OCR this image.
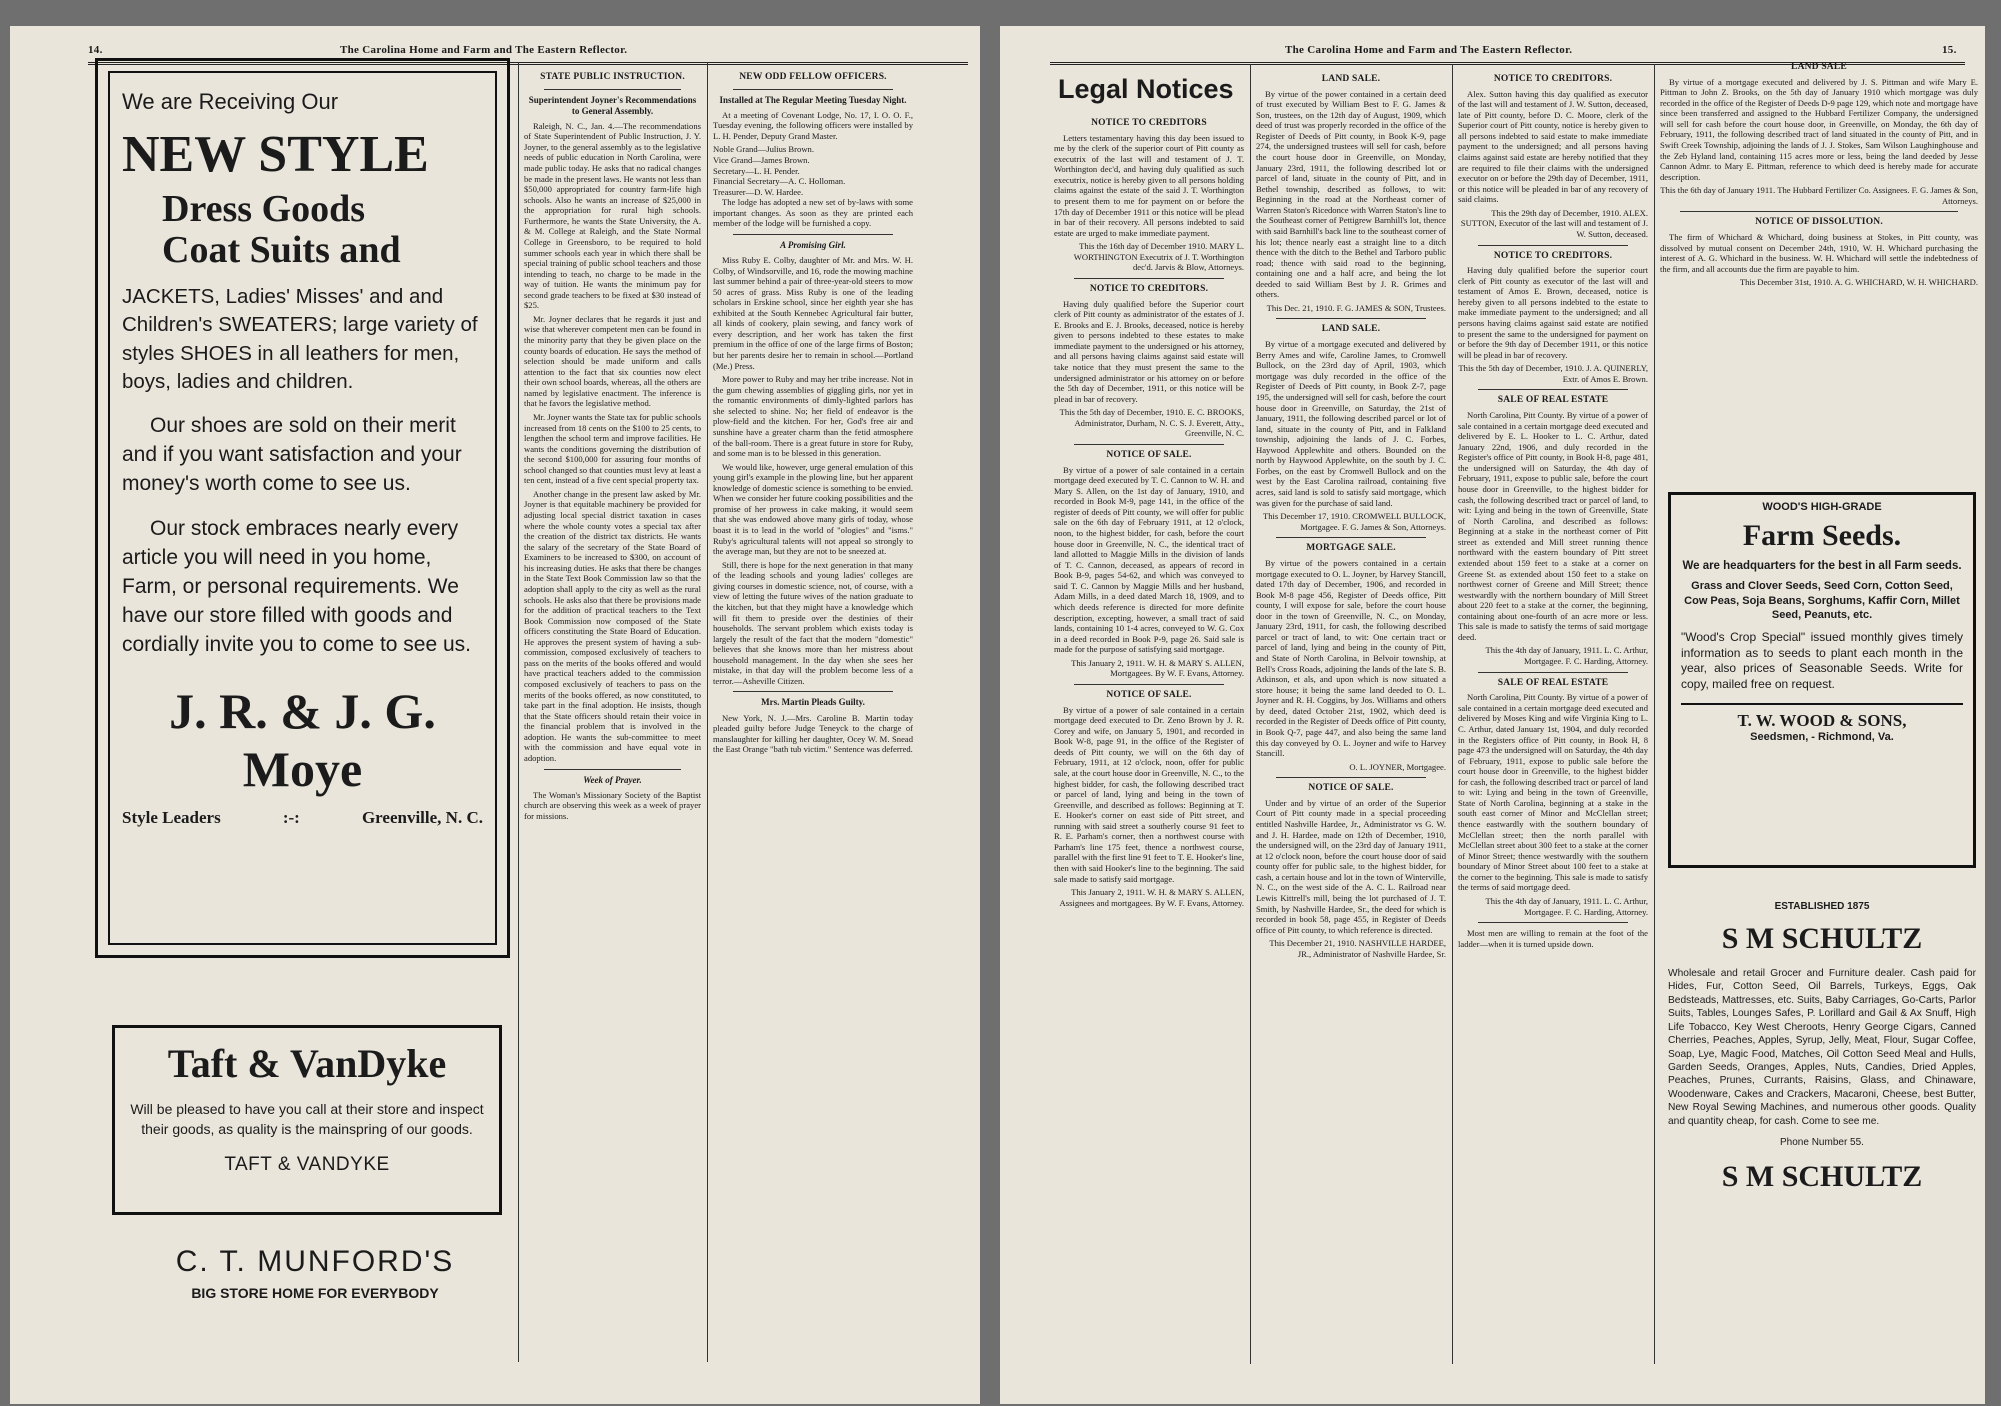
14.	The Carolina Home and Farm and The Eastern Reflector.
We are Receiving Our
NEW STYLE
Dress Goods
Coat Suits and
JACKETS, Ladies' Misses' and and Children's SWEATERS; large variety of styles SHOES in all leathers for men, boys, ladies and children.
Our shoes are sold on their merit and if you want satisfaction and your money's worth come to see us.
Our stock embraces nearly every article you will need in you home, Farm, or personal requirements. We have our store filled with goods and cordially invite you to come to see us.
J. R. & J. G. Moye
Style Leaders	:-:	Greenville, N. C.
Taft & VanDyke
Will be pleased to have you call at their store and inspect their goods, as quality is the mainspring of our goods.
TAFT & VANDYKE
C. T. MUNFORD'S
BIG STORE HOME FOR EVERYBODY
STATE PUBLIC INSTRUCTION.
Superintendent Joyner's Recommendations to General Assembly.

Raleigh, N. C., Jan. 4.—The recommendations of State Superintendent of Public Instruction, J. Y. Joyner, to the general assembly as to the legislative needs of public education in North Carolina, were made public today. He asks that no radical changes be made in the present laws. He wants not less than $50,000 appropriated for country farm-life high schools. Also he wants an increase of $25,000 in the appropriation for rural high schools. Furthermore, he wants the State University, the A. & M. College at Raleigh, and the State Normal College in Greensboro, to be required to hold summer schools each year in which there shall be special training of public school teachers and those intending to teach, no charge to be made in the way of tuition. He wants the minimum pay for second grade teachers to be fixed at $30 instead of $25.

Mr. Joyner declares that he regards it just and wise that wherever competent men can be found in the minority party that they be given place on the county boards of education. He says the method of selection should be made uniform and calls attention to the fact that six counties now elect their own school boards, whereas, all the others are named by legislative enactment. The inference is that he favors the legislative method.

Mr. Joyner wants the State tax for public schools increased from 18 cents on the $100 to 25 cents, to lengthen the school term and improve facilities. He wants the conditions governing the distribution of the second $100,000 for assuring four months of school changed so that counties must levy at least a ten cent, instead of a five cent special property tax.

Another change in the present law asked by Mr. Joyner is that equitable machinery be provided for adjusting local special district taxation in cases where the whole county votes a special tax after the creation of the district tax districts. He wants the salary of the secretary of the State Board of Examiners to be increased to $300, on account of his increasing duties. He asks that there be changes in the State Text Book Commission law so that the adoption shall apply to the city as well as the rural schools. He asks also that there be provisions made for the addition of practical teachers to the Text Book Commission now composed of the State officers constituting the State Board of Education. He approves the present system of having a sub-commission, composed exclusively of teachers to pass on the merits of the books offered and would have practical teachers added to the commission composed exclusively of teachers to pass on the merits of the books offered, as now constituted, to take part in the final adoption. He insists, though that the State officers should retain their voice in the financial problem that is involved in the adoption. He wants the sub-committee to meet with the commission and have equal vote in adoption.

Week of Prayer.

The Woman's Missionary Society of the Baptist church are observing this week as a week of prayer for missions.

NEW ODD FELLOW OFFICERS.
Installed at The Regular Meeting Tuesday Night.

At a meeting of Covenant Lodge, No. 17, I. O. O. F., Tuesday evening, the following officers were installed by L. H. Pender, Deputy Grand Master.

Noble Grand—Julius Brown.
Vice Grand—James Brown.
Secretary—L. H. Pender.
Financial Secretary—A. C. Holloman.
Treasurer—D. W. Hardee.

The lodge has adopted a new set of by-laws with some important changes. As soon as they are printed each member of the lodge will be furnished a copy.

A Promising Girl.

Miss Ruby E. Colby, daughter of Mr. and Mrs. W. H. Colby, of Windsorville, and 16, rode the mowing machine last summer behind a pair of three-year-old steers to mow 50 acres of grass. Miss Ruby is one of the leading scholars in Erskine school, since her eighth year she has exhibited at the South Kennebec Agricultural fair butter, all kinds of cookery, plain sewing, and fancy work of every description, and her work has taken the first premium in the office of one of the large firms of Boston; but her parents desire her to remain in school.—Portland (Me.) Press.

More power to Ruby and may her tribe increase. Not in the gum chewing assemblies of giggling girls, nor yet in the romantic environments of dimly-lighted parlors has she selected to shine. No; her field of endeavor is the plow-field and the kitchen. For her, God's free air and sunshine have a greater charm than the fetid atmosphere of the ball-room. There is a great future in store for Ruby, and some man is to be blessed in this generation.

We would like, however, urge general emulation of this young girl's example in the plowing line, but her apparent knowledge of domestic science is something to be envied. When we consider her future cooking possibilities and the promise of her prowess in cake making, it would seem that she was endowed above many girls of today, whose boast it is to lead in the world of "ologies" and "isms." Ruby's agricultural talents will not appeal so strongly to the average man, but they are not to be sneezed at.

Still, there is hope for the next generation in that many of the leading schools and young ladies' colleges are giving courses in domestic science, not, of course, with a view of letting the future wives of the nation graduate to the kitchen, but that they might have a knowledge which will fit them to preside over the destinies of their households. The servant problem which exists today is largely the result of the fact that the modern "domestic" believes that she knows more than her mistress about household management. In the day when she sees her mistake, in that day will the problem become less of a terror.—Asheville Citizen.

Mrs. Martin Pleads Guilty.

New York, N. J.—Mrs. Caroline B. Martin today pleaded guilty before Judge Teneyck to the charge of manslaughter for killing her daughter, Ocey W. M. Snead the East Orange "bath tub victim." Sentence was deferred.

The Carolina Home and Farm and The Eastern Reflector.	15.
Legal Notices
NOTICE TO CREDITORS

Letters testamentary having this day been issued to me by the clerk of the superior court of Pitt county as executrix of the last will and testament of J. T. Worthington dec'd, and having duly qualified as such executrix, notice is hereby given to all persons holding claims against the estate of the said J. T. Worthington to present them to me for payment on or before the 17th day of December 1911 or this notice will be plead in bar of their recovery. All persons indebted to said estate are urged to make immediate payment.

This the 16th day of December 1910. MARY L. WORTHINGTON Executrix of J. T. Worthington dec'd. Jarvis & Blow, Attorneys.
NOTICE TO CREDITORS.

Having duly qualified before the Superior court clerk of Pitt county as administrator of the estates of J. E. Brooks and E. J. Brooks, deceased, notice is hereby given to persons indebted to these estates to make immediate payment to the undersigned or his attorney, and all persons having claims against said estate will take notice that they must present the same to the undersigned administrator or his attorney on or before the 5th day of December, 1911, or this notice will be plead in bar of recovery.

This the 5th day of December, 1910. E. C. BROOKS, Administrator, Durham, N. C. S. J. Everett, Atty., Greenville, N. C.
NOTICE OF SALE.

By virtue of a power of sale contained in a certain mortgage deed executed by T. C. Cannon to W. H. and Mary S. Allen, on the 1st day of January, 1910, and recorded in Book M-9, page 141, in the office of the register of deeds of Pitt county, we will offer for public sale on the 6th day of February 1911, at 12 o'clock, noon, to the highest bidder, for cash, before the court house door in Greenville, N. C., the identical tract of land allotted to Maggie Mills in the division of lands of T. C. Cannon, deceased, as appears of record in Book B-9, pages 54-62, and which was conveyed to said T. C. Cannon by Maggie Mills and her husband, Adam Mills, in a deed dated March 18, 1909, and to which deeds reference is directed for more definite description, excepting, however, a small tract of said lands, containing 10 1-4 acres, conveyed to W. G. Cox in a deed recorded in Book P-9, page 26. Said sale is made for the purpose of satisfying said mortgage.

This January 2, 1911. W. H. & MARY S. ALLEN, Mortgagees. By W. F. Evans, Attorney.
NOTICE OF SALE.

By virtue of a power of sale contained in a certain mortgage deed executed to Dr. Zeno Brown by J. R. Corey and wife, on January 5, 1901, and recorded in Book W-8, page 91, in the office of the Register of deeds of Pitt county, we will on the 6th day of February, 1911, at 12 o'clock, noon, offer for public sale, at the court house door in Greenville, N. C., to the highest bidder, for cash, the following described tract or parcel of land, lying and being in the town of Greenville, and described as follows: Beginning at T. E. Hooker's corner on east side of Pitt street, and running with said street a southerly course 91 feet to R. E. Parham's corner, then a northwest course with Parham's line 175 feet, thence a northwest course, parallel with the first line 91 feet to T. E. Hooker's line, then with said Hooker's line to the beginning. The said sale made to satisfy said mortgage.

This January 2, 1911. W. H. & MARY S. ALLEN, Assignees and mortgagees. By W. F. Evans, Attorney.
LAND SALE.

By virtue of the power contained in a certain deed of trust executed by William Best to F. G. James & Son, trustees, on the 12th day of August, 1909, which deed of trust was properly recorded in the office of the Register of Deeds of Pitt county, in Book K-9, page 274, the undersigned trustees will sell for cash, before the court house door in Greenville, on Monday, January 23rd, 1911, the following described lot or parcel of land, situate in the county of Pitt, and in Bethel township, described as follows, to wit: Beginning in the road at the Northeast corner of Warren Staton's Ricedonce with Warren Staton's line to the Southeast corner of Pettigrew Barnhill's lot, thence with said Barnhill's back line to the southeast corner of his lot; thence nearly east a straight line to a ditch thence with the ditch to the Bethel and Tarboro public road; thence with said road to the beginning, containing one and a half acre, and being the lot deeded to said William Best by J. R. Grimes and others.

This Dec. 21, 1910. F. G. JAMES & SON, Trustees.
LAND SALE.

By virtue of a mortgage executed and delivered by Berry Ames and wife, Caroline James, to Cromwell Bullock, on the 23rd day of April, 1903, which mortgage was duly recorded in the office of the Register of Deeds of Pitt county, in Book Z-7, page 195, the undersigned will sell for cash, before the court house door in Greenville, on Saturday, the 21st of January, 1911, the following described parcel or lot of land, situate in the county of Pitt, and in Falkland township, adjoining the lands of J. C. Forbes, Haywood Applewhite and others. Bounded on the north by Haywood Applewhite, on the south by J. C. Forbes, on the east by Cromwell Bullock and on the west by the East Carolina railroad, containing five acres, said land is sold to satisfy said mortgage, which was given for the purchase of said land.

This December 17, 1910. CROMWELL BULLOCK, Mortgagee. F. G. James & Son, Attorneys.
MORTGAGE SALE.

By virtue of the powers contained in a certain mortgage executed to O. L. Joyner, by Harvey Stancill, dated 17th day of December, 1906, and recorded in Book M-8 page 456, Register of Deeds office, Pitt county, I will expose for sale, before the court house door in the town of Greenville, N. C., on Monday, January 23rd, 1911, for cash, the following described parcel or tract of land, to wit: One certain tract or parcel of land, lying and being in the county of Pitt, and State of North Carolina, in Belvoir township, at Bell's Cross Roads, adjoining the lands of the late S. B. Atkinson, et als, and upon which is now situated a store house; it being the same land deeded to O. L. Joyner and R. H. Coggins, by Jos. Williams and others by deed, dated October 21st, 1902, which deed is recorded in the Register of Deeds office of Pitt county, in Book Q-7, page 447, and also being the same land this day conveyed by O. L. Joyner and wife to Harvey Stancill.

O. L. JOYNER, Mortgagee.
NOTICE OF SALE.

Under and by virtue of an order of the Superior Court of Pitt county made in a special proceeding entitled Nashville Hardee, Jr., Administrator vs G. W. and J. H. Hardee, made on 12th of December, 1910, the undersigned will, on the 23rd day of January 1911, at 12 o'clock noon, before the court house door of said county offer for public sale, to the highest bidder, for cash, a certain house and lot in the town of Winterville, N. C., on the west side of the A. C. L. Railroad near Lewis Kittrell's mill, being the lot purchased of J. T. Smith, by Nashville Hardee, Sr., the deed for which is recorded in book 58, page 455, in Register of Deeds office of Pitt county, to which reference is directed.

This December 21, 1910. NASHVILLE HARDEE, JR., Administrator of Nashville Hardee, Sr.
NOTICE TO CREDITORS.

Alex. Sutton having this day qualified as executor of the last will and testament of J. W. Sutton, deceased, late of Pitt county, before D. C. Moore, clerk of the Superior court of Pitt county, notice is hereby given to all persons indebted to said estate to make immediate payment to the undersigned; and all persons having claims against said estate are hereby notified that they are required to file their claims with the undersigned executor on or before the 29th day of December, 1911, or this notice will be pleaded in bar of any recovery of said claims.

This the 29th day of December, 1910. ALEX. SUTTON, Executor of the last will and testament of J. W. Sutton, deceased.
NOTICE TO CREDITORS.

Having duly qualified before the superior court clerk of Pitt county as executor of the last will and testament of Amos E. Brown, deceased, notice is hereby given to all persons indebted to the estate to make immediate payment to the undersigned; and all persons having claims against said estate are notified to present the same to the undersigned for payment on or before the 9th day of December 1911, or this notice will be plead in bar of recovery.

This the 5th day of December, 1910. J. A. QUINERLY, Extr. of Amos E. Brown.
SALE OF REAL ESTATE

North Carolina, Pitt County. By virtue of a power of sale contained in a certain mortgage deed executed and delivered by E. L. Hooker to L. C. Arthur, dated January 22nd, 1906, and duly recorded in the Register's office of Pitt county, in Book H-8, page 481, the undersigned will on Saturday, the 4th day of February, 1911, expose to public sale, before the court house door in Greenville, to the highest bidder for cash, the following described tract or parcel of land, to wit: Lying and being in the town of Greenville, State of North Carolina, and described as follows: Beginning at a stake in the northeast corner of Pitt street as extended and Mill street running thence northward with the eastern boundary of Pitt street extended about 159 feet to a stake at a corner on Greene St. as extended about 150 feet to a stake on northwest corner of Greene and Mill Street; thence westwardly with the northern boundary of Mill Street about 220 feet to a stake at the corner, the beginning, containing about one-fourth of an acre more or less. This sale is made to satisfy the terms of said mortgage deed.

This the 4th day of January, 1911. L. C. Arthur, Mortgagee. F. C. Harding, Attorney.
SALE OF REAL ESTATE

North Carolina, Pitt County. By virtue of a power of sale contained in a certain mortgage deed executed and delivered by Moses King and wife Virginia King to L. C. Arthur, dated January 1st, 1904, and duly recorded in the Registers office of Pitt county, in Book H, 8 page 473 the undersigned will on Saturday, the 4th day of February, 1911, expose to public sale before the court house door in Greenville, to the highest bidder for cash, the following described tract or parcel of land to wit: Lying and being in the town of Greenville, State of North Carolina, beginning at a stake in the south east corner of Minor and McClellan street; thence eastwardly with the southern boundary of McClellan street; then the north parallel with McClellan street about 300 feet to a stake at the corner of Minor Street; thence westwardly with the southern boundary of Minor Street about 100 feet to a stake at the corner to the beginning. This sale is made to satisfy the terms of said mortgage deed.

This the 4th day of January, 1911. L. C. Arthur, Mortgagee. F. C. Harding, Attorney.

Most men are willing to remain at the foot of the ladder—when it is turned upside down.

LAND SALE

By virtue of a mortgage executed and delivered by J. S. Pittman and wife Mary E. Pittman to John Z. Brooks, on the 5th day of January 1910 which mortgage was duly recorded in the office of the Register of Deeds D-9 page 129, which note and mortgage have since been transferred and assigned to the Hubbard Fertilizer Company, the undersigned will sell for cash before the court house door, in Greenville, on Monday, the 6th day of February, 1911, the following described tract of land situated in the county of Pitt, and in Swift Creek Township, adjoining the lands of J. J. Stokes, Sam Wilson Laughinghouse and the Zeb Hyland land, containing 115 acres more or less, being the land deeded by Jesse Cannon Admr. to Mary E. Pittman, reference to which deed is hereby made for accurate description.

This the 6th day of January 1911. The Hubbard Fertilizer Co. Assignees. F. G. James & Son, Attorneys.
NOTICE OF DISSOLUTION.

The firm of Whichard & Whichard, doing business at Stokes, in Pitt county, was dissolved by mutual consent on December 24th, 1910, W. H. Whichard purchasing the interest of A. G. Whichard in the business. W. H. Whichard will settle the indebtedness of the firm, and all accounts due the firm are payable to him.

This December 31st, 1910. A. G. WHICHARD, W. H. WHICHARD.
WOOD'S HIGH-GRADE
Farm Seeds.
We are headquarters for the best in all Farm seeds.
Grass and Clover Seeds, Seed Corn, Cotton Seed, Cow Peas, Soja Beans, Sorghums, Kaffir Corn, Millet Seed, Peanuts, etc.
"Wood's Crop Special" issued monthly gives timely information as to seeds to plant each month in the year, also prices of Seasonable Seeds. Write for copy, mailed free on request.
T. W. WOOD & SONS,
Seedsmen, - Richmond, Va.
ESTABLISHED 1875
S M SCHULTZ
Wholesale and retail Grocer and Furniture dealer. Cash paid for Hides, Fur, Cotton Seed, Oil Barrels, Turkeys, Eggs, Oak Bedsteads, Mattresses, etc. Suits, Baby Carriages, Go-Carts, Parlor Suits, Tables, Lounges Safes, P. Lorillard and Gail & Ax Snuff, High Life Tobacco, Key West Cheroots, Henry George Cigars, Canned Cherries, Peaches, Apples, Syrup, Jelly, Meat, Flour, Sugar Coffee, Soap, Lye, Magic Food, Matches, Oil Cotton Seed Meal and Hulls, Garden Seeds, Oranges, Apples, Nuts, Candies, Dried Apples, Peaches, Prunes, Currants, Raisins, Glass, and Chinaware, Woodenware, Cakes and Crackers, Macaroni, Cheese, best Butter, New Royal Sewing Machines, and numerous other goods. Quality and quantity cheap, for cash. Come to see me.
Phone Number 55.
S M SCHULTZ
